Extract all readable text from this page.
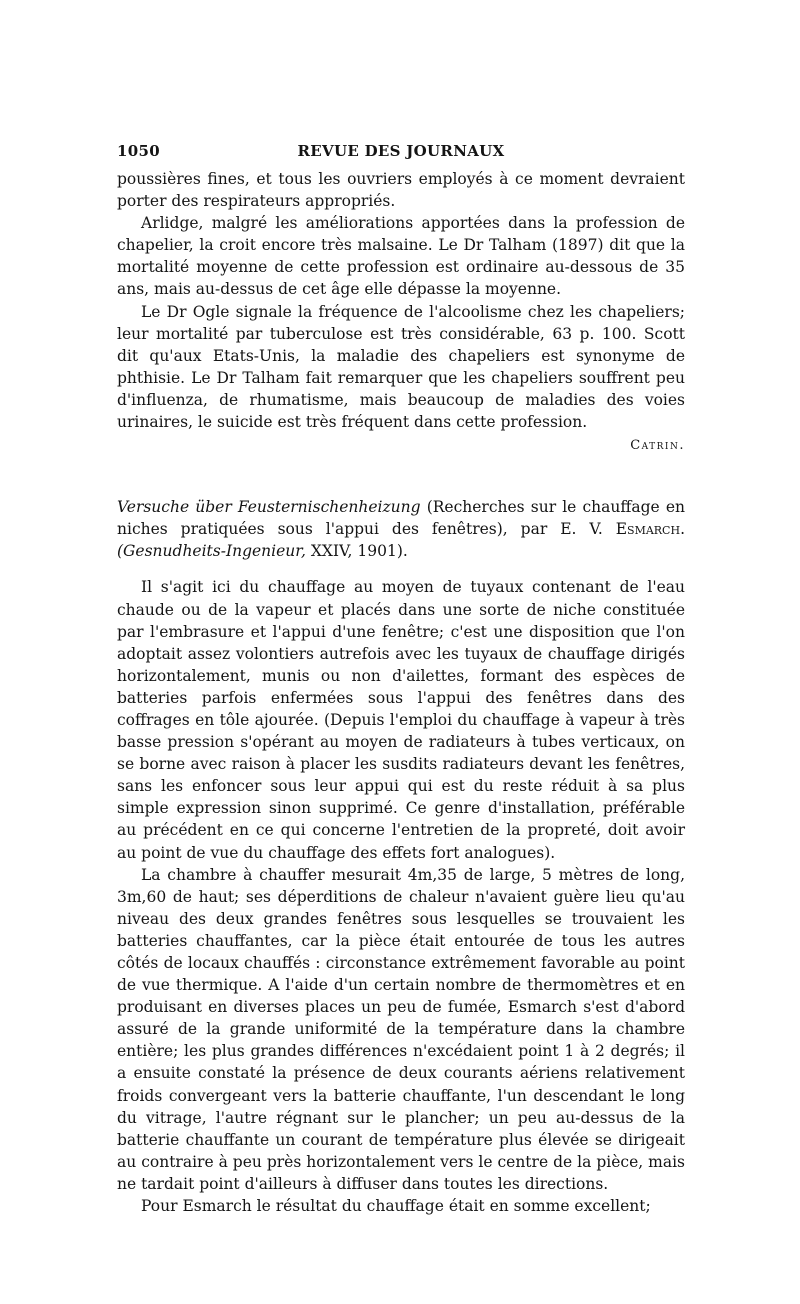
1050	REVUE DES JOURNAUX

poussières fines, et tous les ouvriers employés à ce moment devraient porter des respirateurs appropriés.

Arlidge, malgré les améliorations apportées dans la profession de chapelier, la croit encore très malsaine. Le Dr Talham (1897) dit que la mortalité moyenne de cette profession est ordinaire au-dessous de 35 ans, mais au-dessus de cet âge elle dépasse la moyenne.

Le Dr Ogle signale la fréquence de l'alcoolisme chez les chapeliers; leur mortalité par tuberculose est très considérable, 63 p. 100. Scott dit qu'aux Etats-Unis, la maladie des chapeliers est synonyme de phthisie. Le Dr Talham fait remarquer que les chapeliers souffrent peu d'influenza, de rhumatisme, mais beaucoup de maladies des voies urinaires, le suicide est très fréquent dans cette profession.

Catrin.

Versuche über Feusternischenheizung (Recherches sur le chauffage en niches pratiquées sous l'appui des fenêtres), par E. V. Esmarch. (Gesnudheits-Ingenieur, XXIV, 1901).

Il s'agit ici du chauffage au moyen de tuyaux contenant de l'eau chaude ou de la vapeur et placés dans une sorte de niche constituée par l'embrasure et l'appui d'une fenêtre; c'est une disposition que l'on adoptait assez volontiers autrefois avec les tuyaux de chauffage dirigés horizontalement, munis ou non d'ailettes, formant des espèces de batteries parfois enfermées sous l'appui des fenêtres dans des coffrages en tôle ajourée. (Depuis l'emploi du chauffage à vapeur à très basse pression s'opérant au moyen de radiateurs à tubes verticaux, on se borne avec raison à placer les susdits radiateurs devant les fenêtres, sans les enfoncer sous leur appui qui est du reste réduit à sa plus simple expression sinon supprimé. Ce genre d'installation, préférable au précédent en ce qui concerne l'entretien de la propreté, doit avoir au point de vue du chauffage des effets fort analogues).

La chambre à chauffer mesurait 4m,35 de large, 5 mètres de long, 3m,60 de haut; ses déperditions de chaleur n'avaient guère lieu qu'au niveau des deux grandes fenêtres sous lesquelles se trouvaient les batteries chauffantes, car la pièce était entourée de tous les autres côtés de locaux chauffés : circonstance extrêmement favorable au point de vue thermique. A l'aide d'un certain nombre de thermomètres et en produisant en diverses places un peu de fumée, Esmarch s'est d'abord assuré de la grande uniformité de la température dans la chambre entière; les plus grandes différences n'excédaient point 1 à 2 degrés; il a ensuite constaté la présence de deux courants aériens relativement froids convergeant vers la batterie chauffante, l'un descendant le long du vitrage, l'autre régnant sur le plancher; un peu au-dessus de la batterie chauffante un courant de température plus élevée se dirigeait au contraire à peu près horizontalement vers le centre de la pièce, mais ne tardait point d'ailleurs à diffuser dans toutes les directions.

Pour Esmarch le résultat du chauffage était en somme excellent;
